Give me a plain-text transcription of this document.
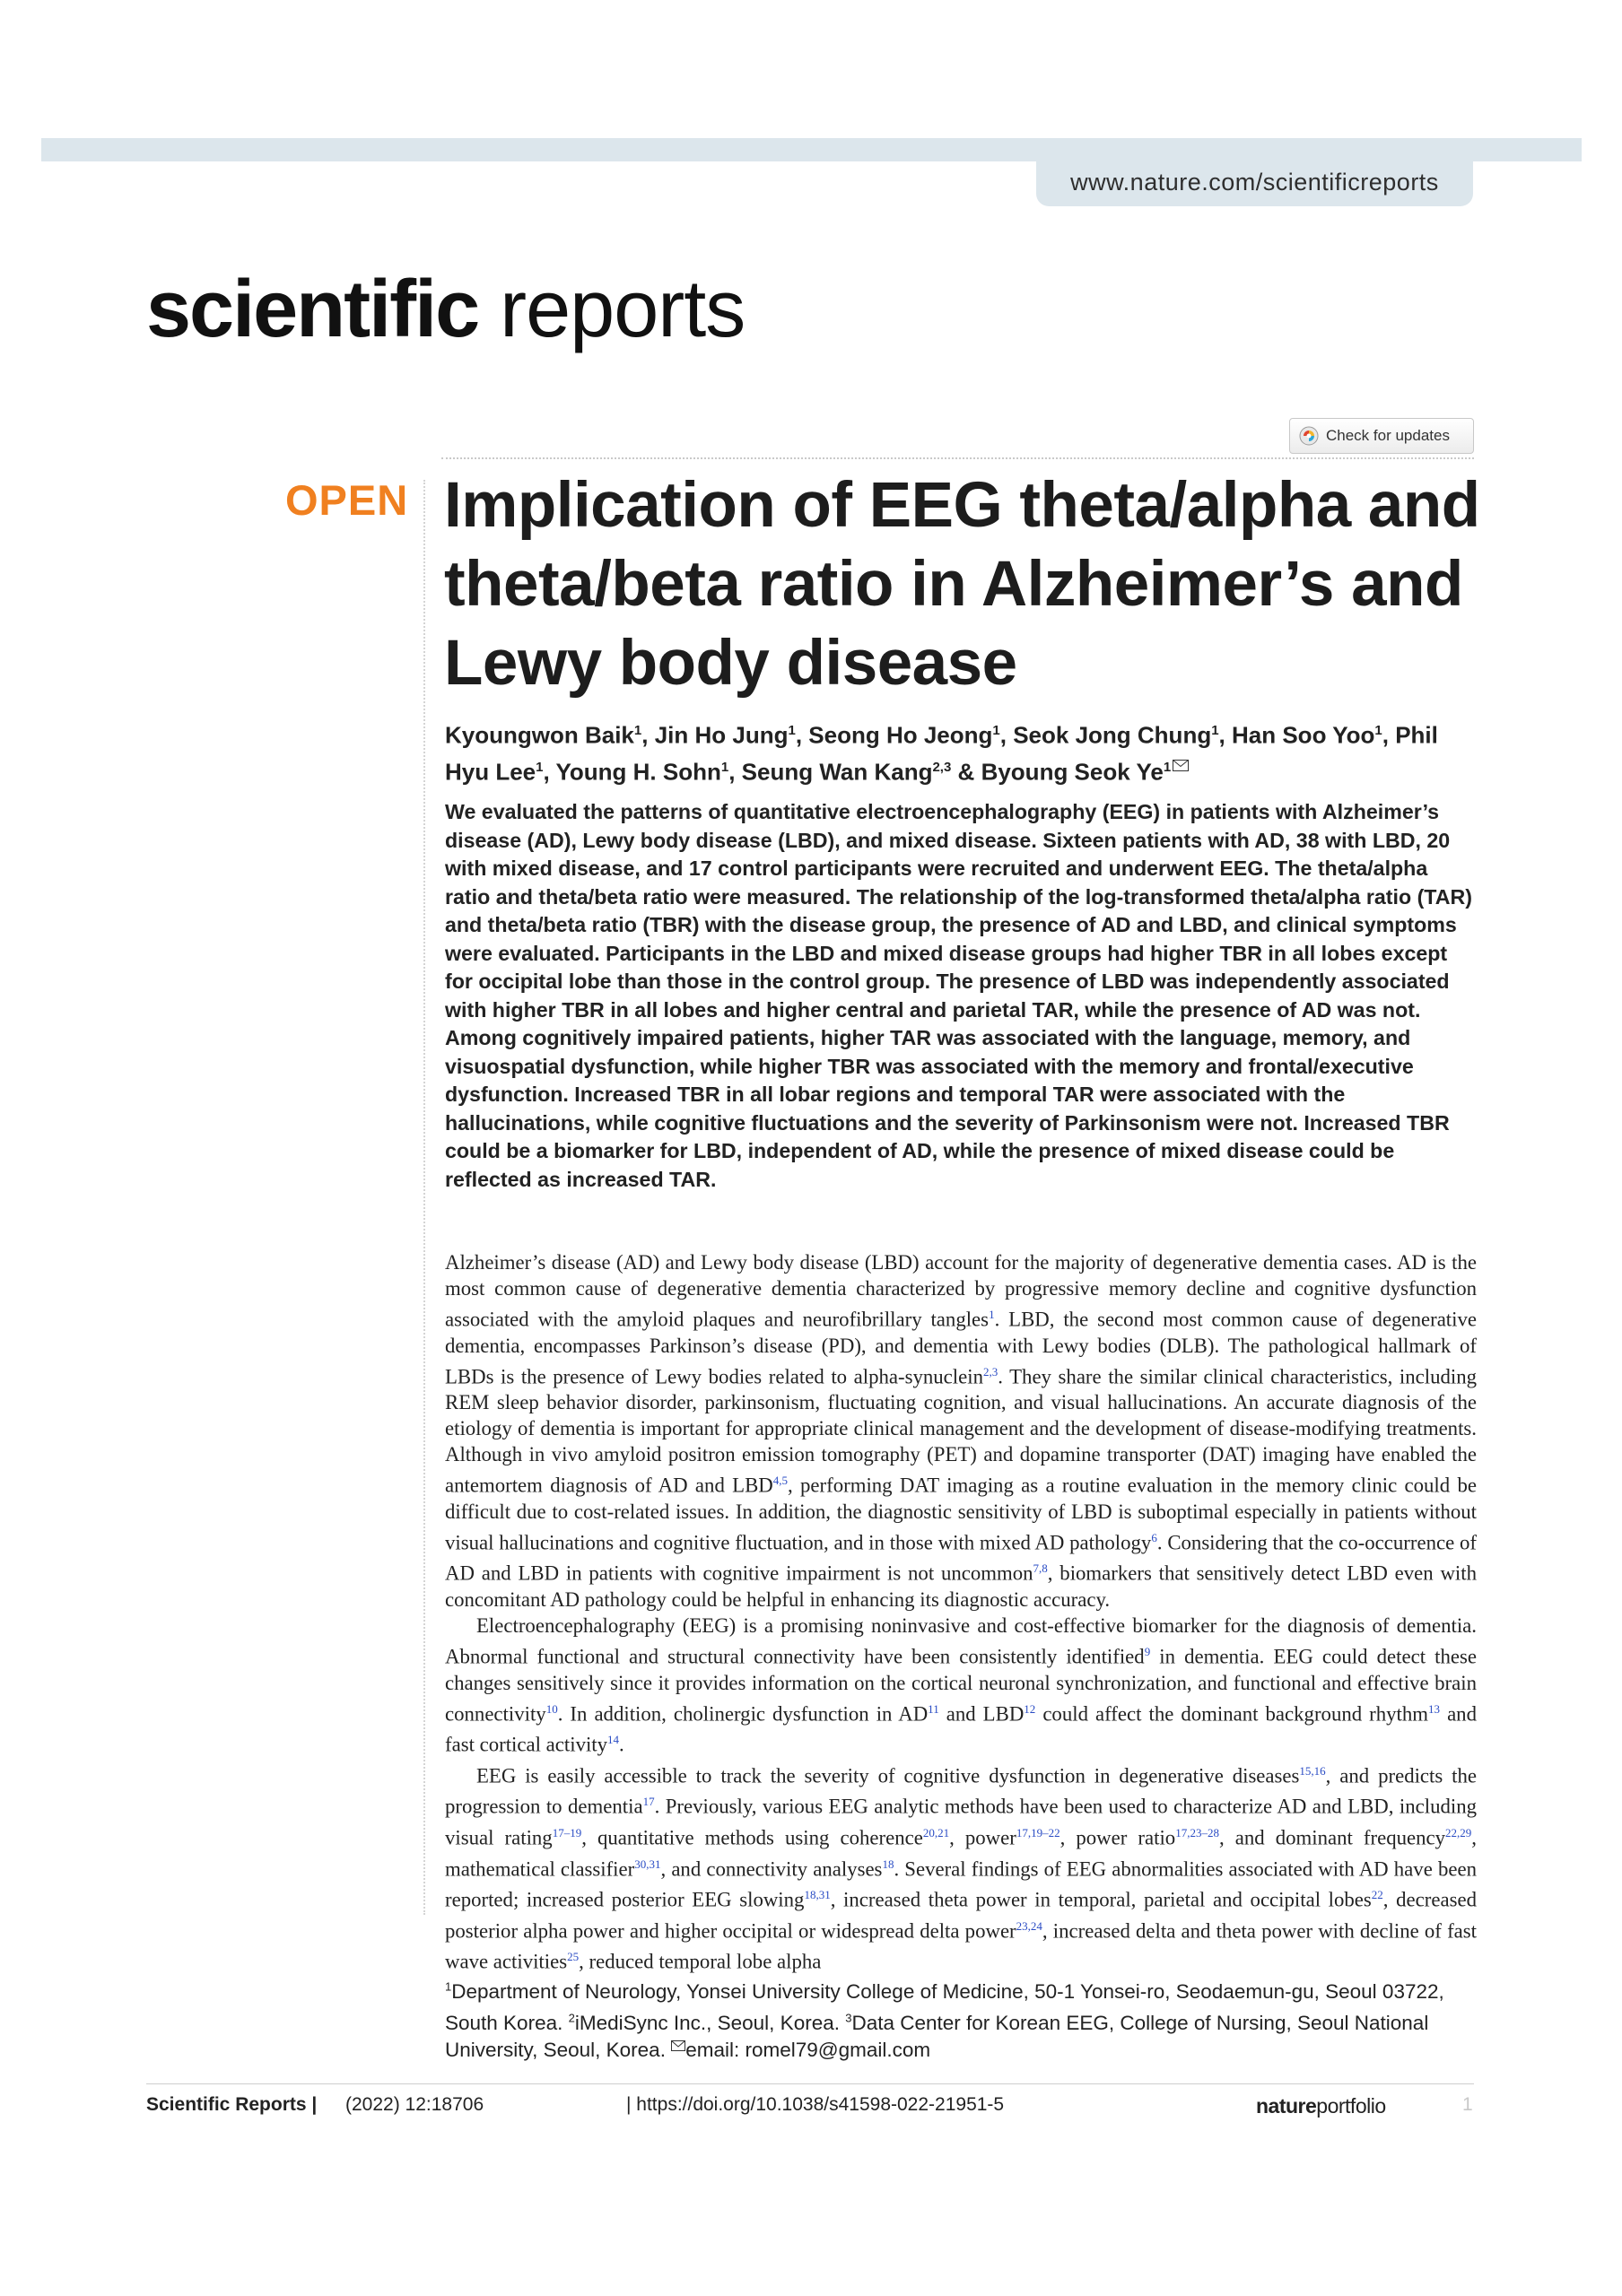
www.nature.com/scientificreports
scientific reports
Check for updates
OPEN Implication of EEG theta/alpha and theta/beta ratio in Alzheimer’s and Lewy body disease
Kyoungwon Baik$^1$, Jin Ho Jung$^1$, Seong Ho Jeong$^1$, Seok Jong Chung$^1$, Han Soo Yoo$^1$, Phil Hyu Lee$^1$, Young H. Sohn$^1$, Seung Wan Kang$^{2,3}$ & Byoung Seok Ye$^1$

We evaluated the patterns of quantitative electroencephalography (EEG) in patients with Alzheimer’s disease (AD), Lewy body disease (LBD), and mixed disease. Sixteen patients with AD, 38 with LBD, 20 with mixed disease, and 17 control participants were recruited and underwent EEG. The theta/alpha ratio and theta/beta ratio were measured. The relationship of the log-transformed theta/alpha ratio (TAR) and theta/beta ratio (TBR) with the disease group, the presence of AD and LBD, and clinical symptoms were evaluated. Participants in the LBD and mixed disease groups had higher TBR in all lobes except for occipital lobe than those in the control group. The presence of LBD was independently associated with higher TBR in all lobes and higher central and parietal TAR, while the presence of AD was not. Among cognitively impaired patients, higher TAR was associated with the language, memory, and visuospatial dysfunction, while higher TBR was associated with the memory and frontal/executive dysfunction. Increased TBR in all lobar regions and temporal TAR were associated with the hallucinations, while cognitive fluctuations and the severity of Parkinsonism were not. Increased TBR could be a biomarker for LBD, independent of AD, while the presence of mixed disease could be reflected as increased TAR.

Alzheimer’s disease (AD) and Lewy body disease (LBD) account for the majority of degenerative dementia cases. AD is the most common cause of degenerative dementia characterized by progressive memory decline and cognitive dysfunction associated with the amyloid plaques and neurofibrillary tangles$^1$. LBD, the second most common cause of degenerative dementia, encompasses Parkinson’s disease (PD), and dementia with Lewy bodies (DLB). The pathological hallmark of LBDs is the presence of Lewy bodies related to alpha-synuclein$^{2,3}$. They share the similar clinical characteristics, including REM sleep behavior disorder, parkinsonism, fluctuating cognition, and visual hallucinations. An accurate diagnosis of the etiology of dementia is important for appropriate clinical management and the development of disease-modifying treatments. Although in vivo amyloid positron emission tomography (PET) and dopamine transporter (DAT) imaging have enabled the antemortem diagnosis of AD and LBD$^{4,5}$, performing DAT imaging as a routine evaluation in the memory clinic could be difficult due to cost-related issues. In addition, the diagnostic sensitivity of LBD is suboptimal especially in patients without visual hallucinations and cognitive fluctuation, and in those with mixed AD pathology$^6$. Considering that the co-occurrence of AD and LBD in patients with cognitive impairment is not uncommon$^{7,8}$, biomarkers that sensitively detect LBD even with concomitant AD pathology could be helpful in enhancing its diagnostic accuracy.

Electroencephalography (EEG) is a promising noninvasive and cost-effective biomarker for the diagnosis of dementia. Abnormal functional and structural connectivity have been consistently identified$^9$ in dementia. EEG could detect these changes sensitively since it provides information on the cortical neuronal synchronization, and functional and effective brain connectivity$^{10}$. In addition, cholinergic dysfunction in AD$^{11}$ and LBD$^{12}$ could affect the dominant background rhythm$^{13}$ and fast cortical activity$^{14}$.

EEG is easily accessible to track the severity of cognitive dysfunction in degenerative diseases$^{15,16}$, and predicts the progression to dementia$^{17}$. Previously, various EEG analytic methods have been used to characterize AD and LBD, including visual rating$^{17-19}$, quantitative methods using coherence$^{20,21}$, power$^{17,19-22}$, power ratio$^{17,23-28}$, and dominant frequency$^{22,29}$, mathematical classifier$^{30,31}$, and connectivity analyses$^{18}$. Several findings of EEG abnormalities associated with AD have been reported; increased posterior EEG slowing$^{18,31}$, increased theta power in temporal, parietal and occipital lobes$^{22}$, decreased posterior alpha power and higher occipital or widespread delta power$^{23,24}$, increased delta and theta power with decline of fast wave activities$^{25}$, reduced temporal lobe alpha

$^1$Department of Neurology, Yonsei University College of Medicine, 50-1 Yonsei-ro, Seodaemun-gu, Seoul 03722, South Korea. $^2$iMediSync Inc., Seoul, Korea. $^3$Data Center for Korean EEG, College of Nursing, Seoul National University, Seoul, Korea. email: romel79@gmail.com
Scientific Reports | (2022) 12:18706	| https://doi.org/10.1038/s41598-022-21951-5	natureportfolio	1
